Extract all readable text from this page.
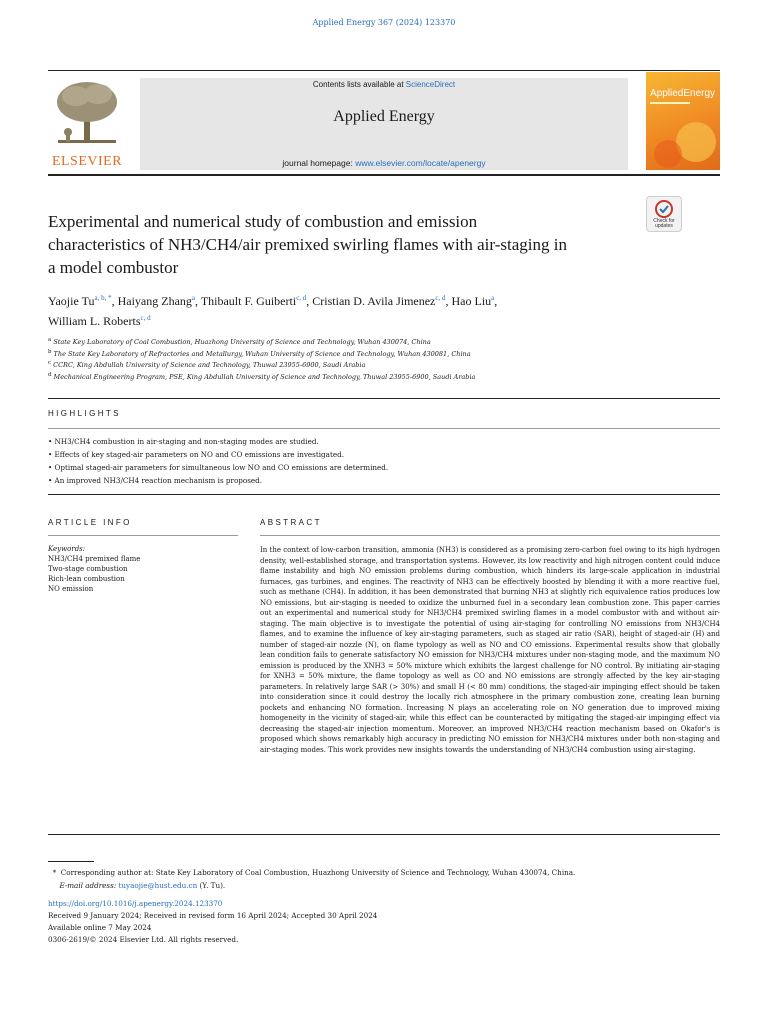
Applied Energy 367 (2024) 123370
ELSEVIER
Contents lists available at ScienceDirect
Applied Energy
journal homepage: www.elsevier.com/locate/apenergy
AppliedEnergy
Check for
updates
Experimental and numerical study of combustion and emission
characteristics of NH3/CH4/air premixed swirling flames with air-staging in
a model combustor
Yaojie $Tu^{a, b, *}$, Haiyang Zhang$^a$, Thibault F. Guiberti$^{c, d}$, Cristian D. Avila Jimenez$^{c, d}$, Hao Liu$^a$,
William L. Roberts$^{c, d}$
$^a$ State Key Laboratory of Coal Combustion, Huazhong University of Science and Technology, Wuhan 430074, China
$^b$ The State Key Laboratory of Refractories and Metallurgy, Wuhan University of Science and Technology, Wuhan 430081, China
$^c$ CCRC, King Abdullah University of Science and Technology, Thuwal 23955-6900, Saudi Arabia
$^d$ Mechanical Engineering Program, PSE, King Abdullah University of Science and Technology, Thuwal 23955-6900, Saudi Arabia
HIGHLIGHTS
• NH3/CH4 combustion in air-staging and non-staging modes are studied.
• Effects of key staged-air parameters on NO and CO emissions are investigated.
• Optimal staged-air parameters for simultaneous low NO and CO emissions are determined.
• An improved NH3/CH4 reaction mechanism is proposed.
ARTICLE INFO	ABSTRACT
Keywords:
NH3/CH4 premixed flame
Two-stage combustion
Rich-lean combustion
NO emission
In the context of low-carbon transition, ammonia (NH3) is considered as a promising zero-carbon fuel owing to its high hydrogen density, well-established storage, and transportation systems. However, its low reactivity and high nitrogen content could induce flame instability and high NO emission problems during combustion, which hinders its large-scale application in industrial furnaces, gas turbines, and engines. The reactivity of NH3 can be effectively boosted by blending it with a more reactive fuel, such as methane (CH4). In addition, it has been demonstrated that burning NH3 at slightly rich equivalence ratios produces low NO emissions, but air-staging is needed to oxidize the unburned fuel in a secondary lean combustion zone. This paper carries out an experimental and numerical study for NH3/CH4 premixed swirling flames in a model combustor with and without air-staging. The main objective is to investigate the potential of using air-staging for controlling NO emissions from NH3/CH4 flames, and to examine the influence of key air-staging parameters, such as staged air ratio (SAR), height of staged-air (H) and number of staged-air nozzle (N), on flame typology as well as NO and CO emissions. Experimental results show that globally lean condition fails to generate satisfactory NO emission for NH3/CH4 mixtures under non-staging mode, and the maximum NO emission is produced by the XNH3 = 50% mixture which exhibits the largest challenge for NO control. By initiating air-staging for XNH3 = 50% mixture, the flame topology as well as CO and NO emissions are strongly affected by the key air-staging parameters. In relatively large SAR (> 30%) and small H (< 80 mm) conditions, the staged-air impinging effect should be taken into consideration since it could destroy the locally rich atmosphere in the primary combustion zone, creating lean burning pockets and enhancing NO formation. Increasing N plays an accelerating role on NO generation due to improved mixing homogeneity in the vicinity of staged-air, while this effect can be counteracted by mitigating the staged-air impinging effect via decreasing the staged-air injection momentum. Moreover, an improved NH3/CH4 reaction mechanism based on Okafor's is proposed which shows remarkably high accuracy in predicting NO emission for NH3/CH4 mixtures under both non-staging and air-staging modes. This work provides new insights towards the understanding of NH3/CH4 combustion using air-staging.
* Corresponding author at: State Key Laboratory of Coal Combustion, Huazhong University of Science and Technology, Wuhan 430074, China.
E-mail address: tuyaojie@hust.edu.cn (Y. Tu).
https://doi.org/10.1016/j.apenergy.2024.123370
Received 9 January 2024; Received in revised form 16 April 2024; Accepted 30 April 2024
Available online 7 May 2024
0306-2619/© 2024 Elsevier Ltd. All rights reserved.
